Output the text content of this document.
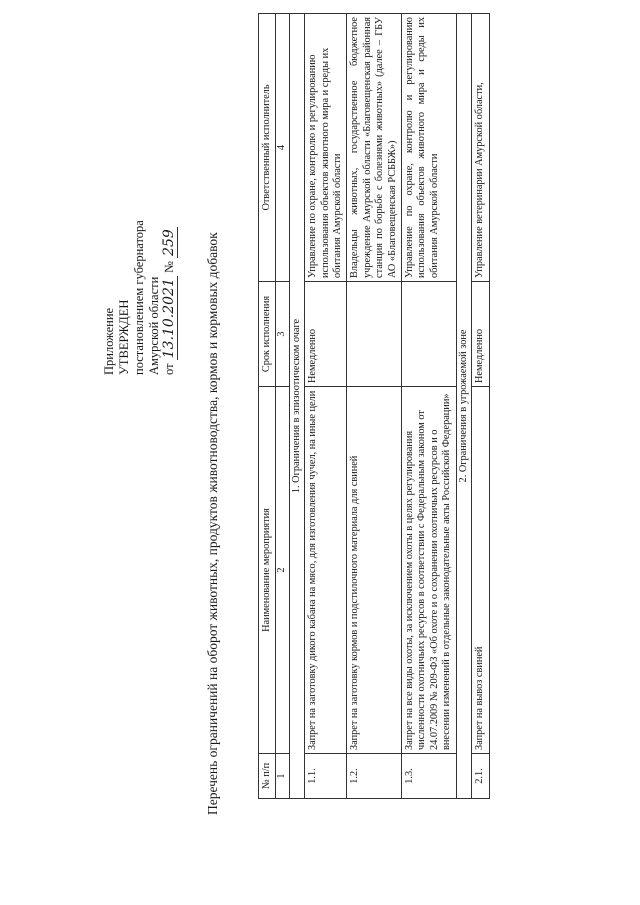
Приложение УТВЕРЖДЕН постановлением губернатора Амурской области от 13.10.2021 № 259 Перечень ограничений на оборот животных, продуктов животноводства, кормов и кормовых добавок	№ п/п	Наименование мероприятия	Срок исполнения	Ответственный исполнитель
1	2	3	4
1. Ограничения в эпизоотическом очаге			
1.1.	Запрет на заготовку дикого кабана на мясо, для изготовления чучел, на иные цели	Немедленно	Управление по охране, контролю и регулированию использования объектов животного мира и среды их обитания Амурской области
1.2.	Запрет на заготовку кормов и подстилочного материала для свиней		Владельцы животных, государственное бюджетное учреждение Амурской области «Благовещенская районная станция по борьбе с болезнями животных» (далее – ГБУ АО «Благовещенская РСББЖ»)
1.3.	Запрет на все виды охоты, за исключением охоты в целях регулирования численности охотничьих ресурсов в соответствии с Федеральным законом от 24.07.2009 № 209-ФЗ «Об охоте и о сохранении охотничьих ресурсов и о внесении изменений в отдельные законодательные акты Российской Федерации»		Управление по охране, контролю и регулированию использования объектов животного мира и среды их обитания Амурской области
2. Ограничения в угрожаемой зоне			
2.1.	Запрет на вывоз свиней	Немедленно	Управление ветеринарии Амурской области,
